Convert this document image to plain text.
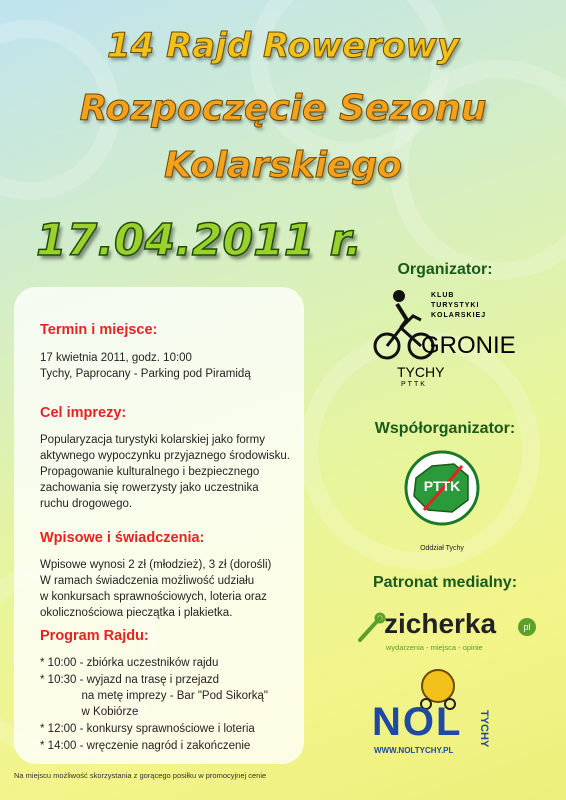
14 Rajd Rowerowy
Rozpoczęcie Sezonu
Kolarskiego
17.04.2011 r.
Termin i miejsce:
17 kwietnia 2011, godz. 10:00
Tychy, Paprocany - Parking pod Piramidą
Cel imprezy:
Popularyzacja turystyki kolarskiej jako formy
aktywnego wypoczynku przyjaznego środowisku.
Propagowanie kulturalnego i bezpiecznego
zachowania się rowerzysty jako uczestnika
ruchu drogowego.
Wpisowe i świadczenia:
Wpisowe wynosi 2 zł (młodzież), 3 zł (dorośli)
W ramach świadczenia możliwość udziału
w konkursach sprawnościowych, loteria oraz
okolicznościowa pieczątka i plakietka.
Program Rajdu:
* 10:00 - zbiórka uczestników rajdu
* 10:30 - wyjazd na trasę i przejazd
na metę imprezy - Bar "Pod Sikorką"
w Kobiórze
* 12:00 - konkursy sprawnościowe i loteria
* 14:00 - wręczenie nagród i zakończenie
Na miejscu możliwość skorzystania z gorącego posiłku w promocyjnej cenie
Organizator:
KLUB
TURYSTYKI
KOLARSKIEJ
GRONIE
TYCHY
PTTK
Współorganizator:
PTTK
Oddział Tychy
Patronat medialny:
zicherka	pl
wydarzenia - miejsca - opinie
NOL TYCHY
WWW.NOLTYCHY.PL
